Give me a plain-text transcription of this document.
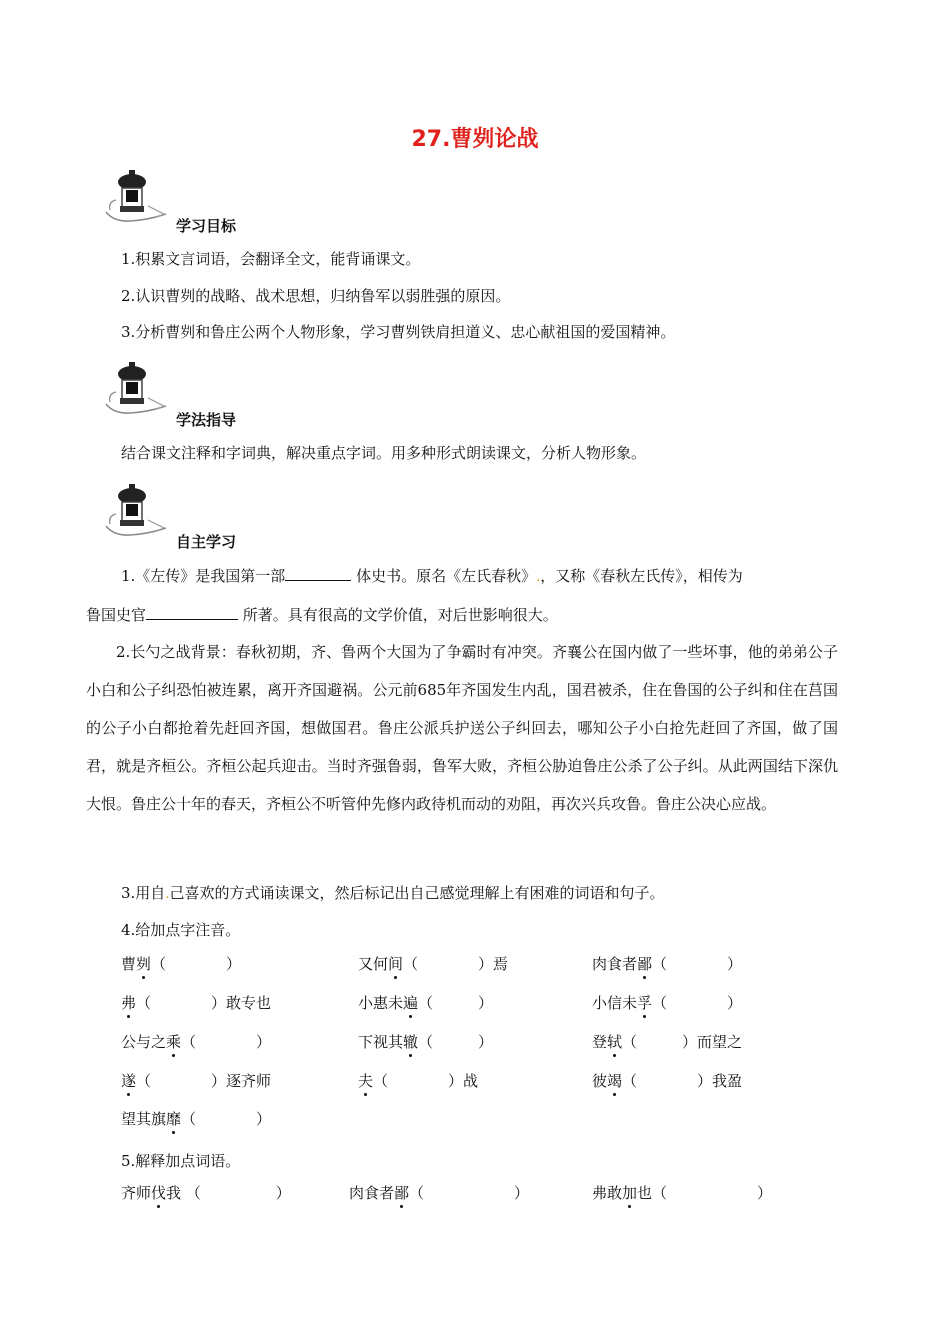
27.曹刿论战
学习目标
1.积累文言词语，会翻译全文，能背诵课文。
2.认识曹刿的战略、战术思想，归纳鲁军以弱胜强的原因。
3.分析曹刿和鲁庄公两个人物形象，学习曹刿铁肩担道义、忠心献祖国的爱国精神。
学法指导
结合课文注释和字词典，解决重点字词。用多种形式朗读课文，分析人物形象。
自主学习
1.《左传》是我国第一部	体史书。原名《左氏春秋》.，又称《春秋左氏传》，相传为
鲁国史官	所著。具有很高的文学价值，对后世影响很大。
2.长勺之战背景：春秋初期，齐、鲁两个大国为了争霸时有冲突。齐襄公在国内做了一些坏事，他的弟弟公子小白和公子纠恐怕被连累，离开齐国避祸。公元前685年齐国发生内乱，国君被杀，住在鲁国的公子纠和住在莒国的公子小白都抢着先赶回齐国，想做国君。鲁庄公派兵护送公子纠回去，哪知公子小白抢先赶回了齐国，做了国君，就是齐桓公。齐桓公起兵迎击。当时齐强鲁弱，鲁军大败，齐桓公胁迫鲁庄公杀了公子纠。从此两国结下深仇大恨。鲁庄公十年的春天，齐桓公不听管仲先修内政待机而动的劝阻，再次兴兵攻鲁。鲁庄公决心应战。
3.用自.己喜欢的方式诵读课文，然后标记出自己感觉理解上有困难的词语和句子。
4.给加点字注音。
曹刿（　　　　）	又何间（　　　　）焉	肉食者鄙（　　　　）
弗（　　　　）敢专也	小惠未遍（　　　）	小信未孚（　　　　）
公与之乘（　　　　）	下视其辙（　　　）	登轼（　　　）而望之
遂（　　　　）逐齐师	夫（　　　　）战	彼竭（　　　　）我盈
望其旗靡（　　　　）
5.解释加点词语。
齐师伐我 （　　　　　）	肉食者鄙（　　　　　　）	弗敢加也（　　　　　　）
